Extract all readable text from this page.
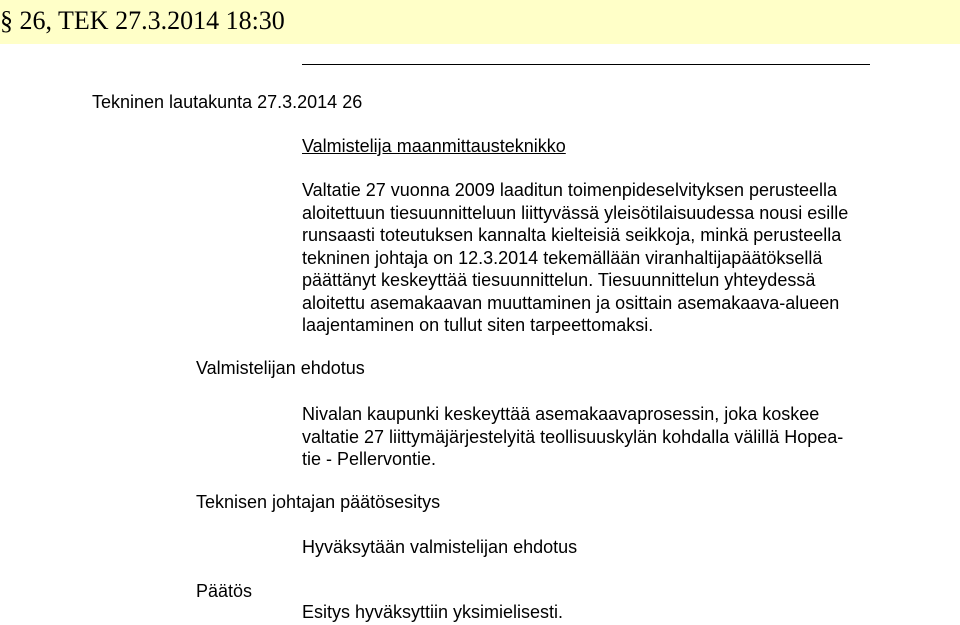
§ 26, TEK 27.3.2014 18:30
Tekninen lautakunta 27.3.2014 26
Valmistelija maanmittausteknikko
Valtatie 27 vuonna 2009 laaditun toimenpideselvityksen perusteella
aloitettuun tiesuunnitteluun liittyvässä yleisötilaisuudessa nousi esille
runsaasti toteutuksen kannalta kielteisiä seikkoja, minkä perusteella
tekninen johtaja on 12.3.2014 tekemällään viranhaltijapäätöksellä
päättänyt keskeyttää tiesuunnittelun. Tiesuunnittelun yhteydessä
aloitettu asemakaavan muuttaminen ja osittain asemakaava-alueen
laajentaminen on tullut siten tarpeettomaksi.
Valmistelijan ehdotus
Nivalan kaupunki keskeyttää asemakaavaprosessin, joka koskee
valtatie 27 liittymäjärjestelyitä teollisuuskylän kohdalla välillä Hopea-
tie - Pellervontie.
Teknisen johtajan päätösesitys
Hyväksytään valmistelijan ehdotus
Päätös
Esitys hyväksyttiin yksimielisesti.
